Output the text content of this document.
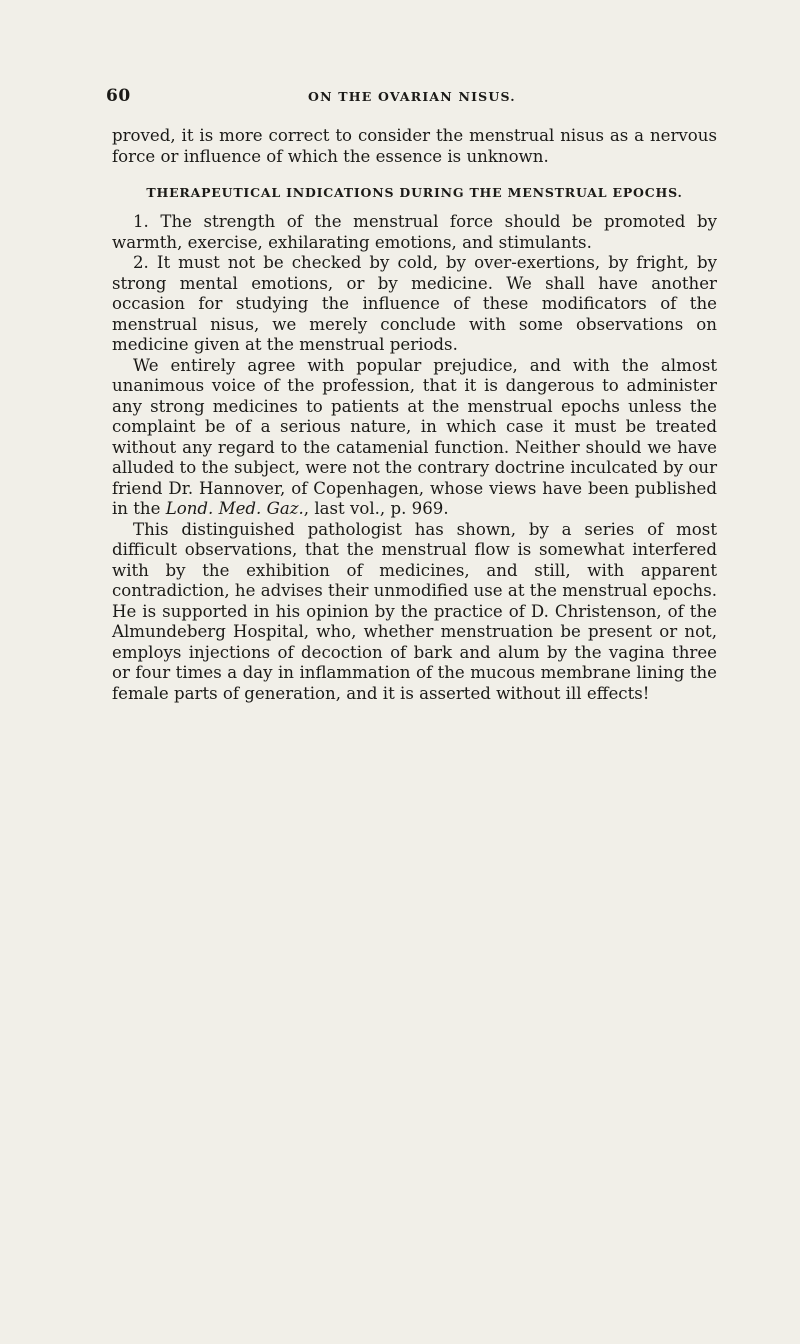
60	ON THE OVARIAN NISUS.

proved, it is more correct to consider the menstrual nisus as a nervous force or influence of which the essence is unknown.

THERAPEUTICAL INDICATIONS DURING THE MENSTRUAL EPOCHS.

1. The strength of the menstrual force should be promoted by warmth, exercise, exhilarating emotions, and stimulants.

2. It must not be checked by cold, by over-exertions, by fright, by strong mental emotions, or by medicine. We shall have another occasion for studying the influence of these modificators of the menstrual nisus, we merely conclude with some observations on medicine given at the menstrual periods.

We entirely agree with popular prejudice, and with the almost unanimous voice of the profession, that it is dangerous to administer any strong medicines to patients at the menstrual epochs unless the complaint be of a serious nature, in which case it must be treated without any regard to the catamenial function. Neither should we have alluded to the subject, were not the contrary doctrine inculcated by our friend Dr. Hannover, of Copenhagen, whose views have been published in the Lond. Med. Gaz., last vol., p. 969.

This distinguished pathologist has shown, by a series of most difficult observations, that the menstrual flow is somewhat interfered with by the exhibition of medicines, and still, with apparent contradiction, he advises their unmodified use at the menstrual epochs. He is supported in his opinion by the practice of D. Christenson, of the Almundeberg Hospital, who, whether menstruation be present or not, employs injections of decoction of bark and alum by the vagina three or four times a day in inflammation of the mucous membrane lining the female parts of generation, and it is asserted without ill effects!
